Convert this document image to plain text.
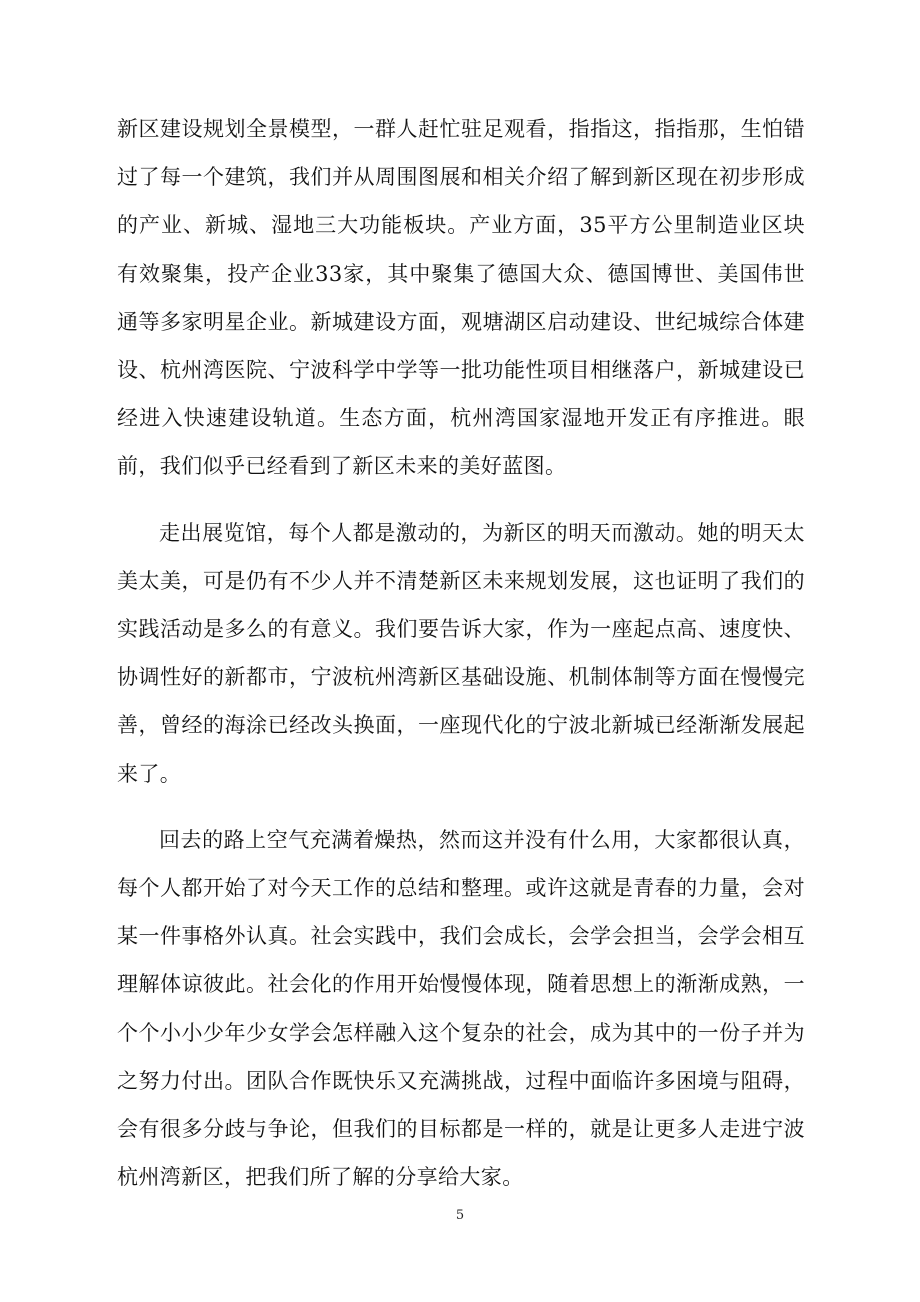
新区建设规划全景模型，一群人赶忙驻足观看，指指这，指指那，生怕错过了每一个建筑，我们并从周围图展和相关介绍了解到新区现在初步形成的产业、新城、湿地三大功能板块。产业方面，35平方公里制造业区块有效聚集，投产企业33家，其中聚集了德国大众、德国博世、美国伟世通等多家明星企业。新城建设方面，观塘湖区启动建设、世纪城综合体建设、杭州湾医院、宁波科学中学等一批功能性项目相继落户，新城建设已经进入快速建设轨道。生态方面，杭州湾国家湿地开发正有序推进。眼前，我们似乎已经看到了新区未来的美好蓝图。

走出展览馆，每个人都是激动的，为新区的明天而激动。她的明天太美太美，可是仍有不少人并不清楚新区未来规划发展，这也证明了我们的实践活动是多么的有意义。我们要告诉大家，作为一座起点高、速度快、协调性好的新都市，宁波杭州湾新区基础设施、机制体制等方面在慢慢完善，曾经的海涂已经改头换面，一座现代化的宁波北新城已经渐渐发展起来了。

回去的路上空气充满着燥热，然而这并没有什么用，大家都很认真，每个人都开始了对今天工作的总结和整理。或许这就是青春的力量，会对某一件事格外认真。社会实践中，我们会成长，会学会担当，会学会相互理解体谅彼此。社会化的作用开始慢慢体现，随着思想上的渐渐成熟，一个个小小少年少女学会怎样融入这个复杂的社会，成为其中的一份子并为之努力付出。团队合作既快乐又充满挑战，过程中面临许多困境与阻碍，会有很多分歧与争论，但我们的目标都是一样的，就是让更多人走进宁波杭州湾新区，把我们所了解的分享给大家。

5
